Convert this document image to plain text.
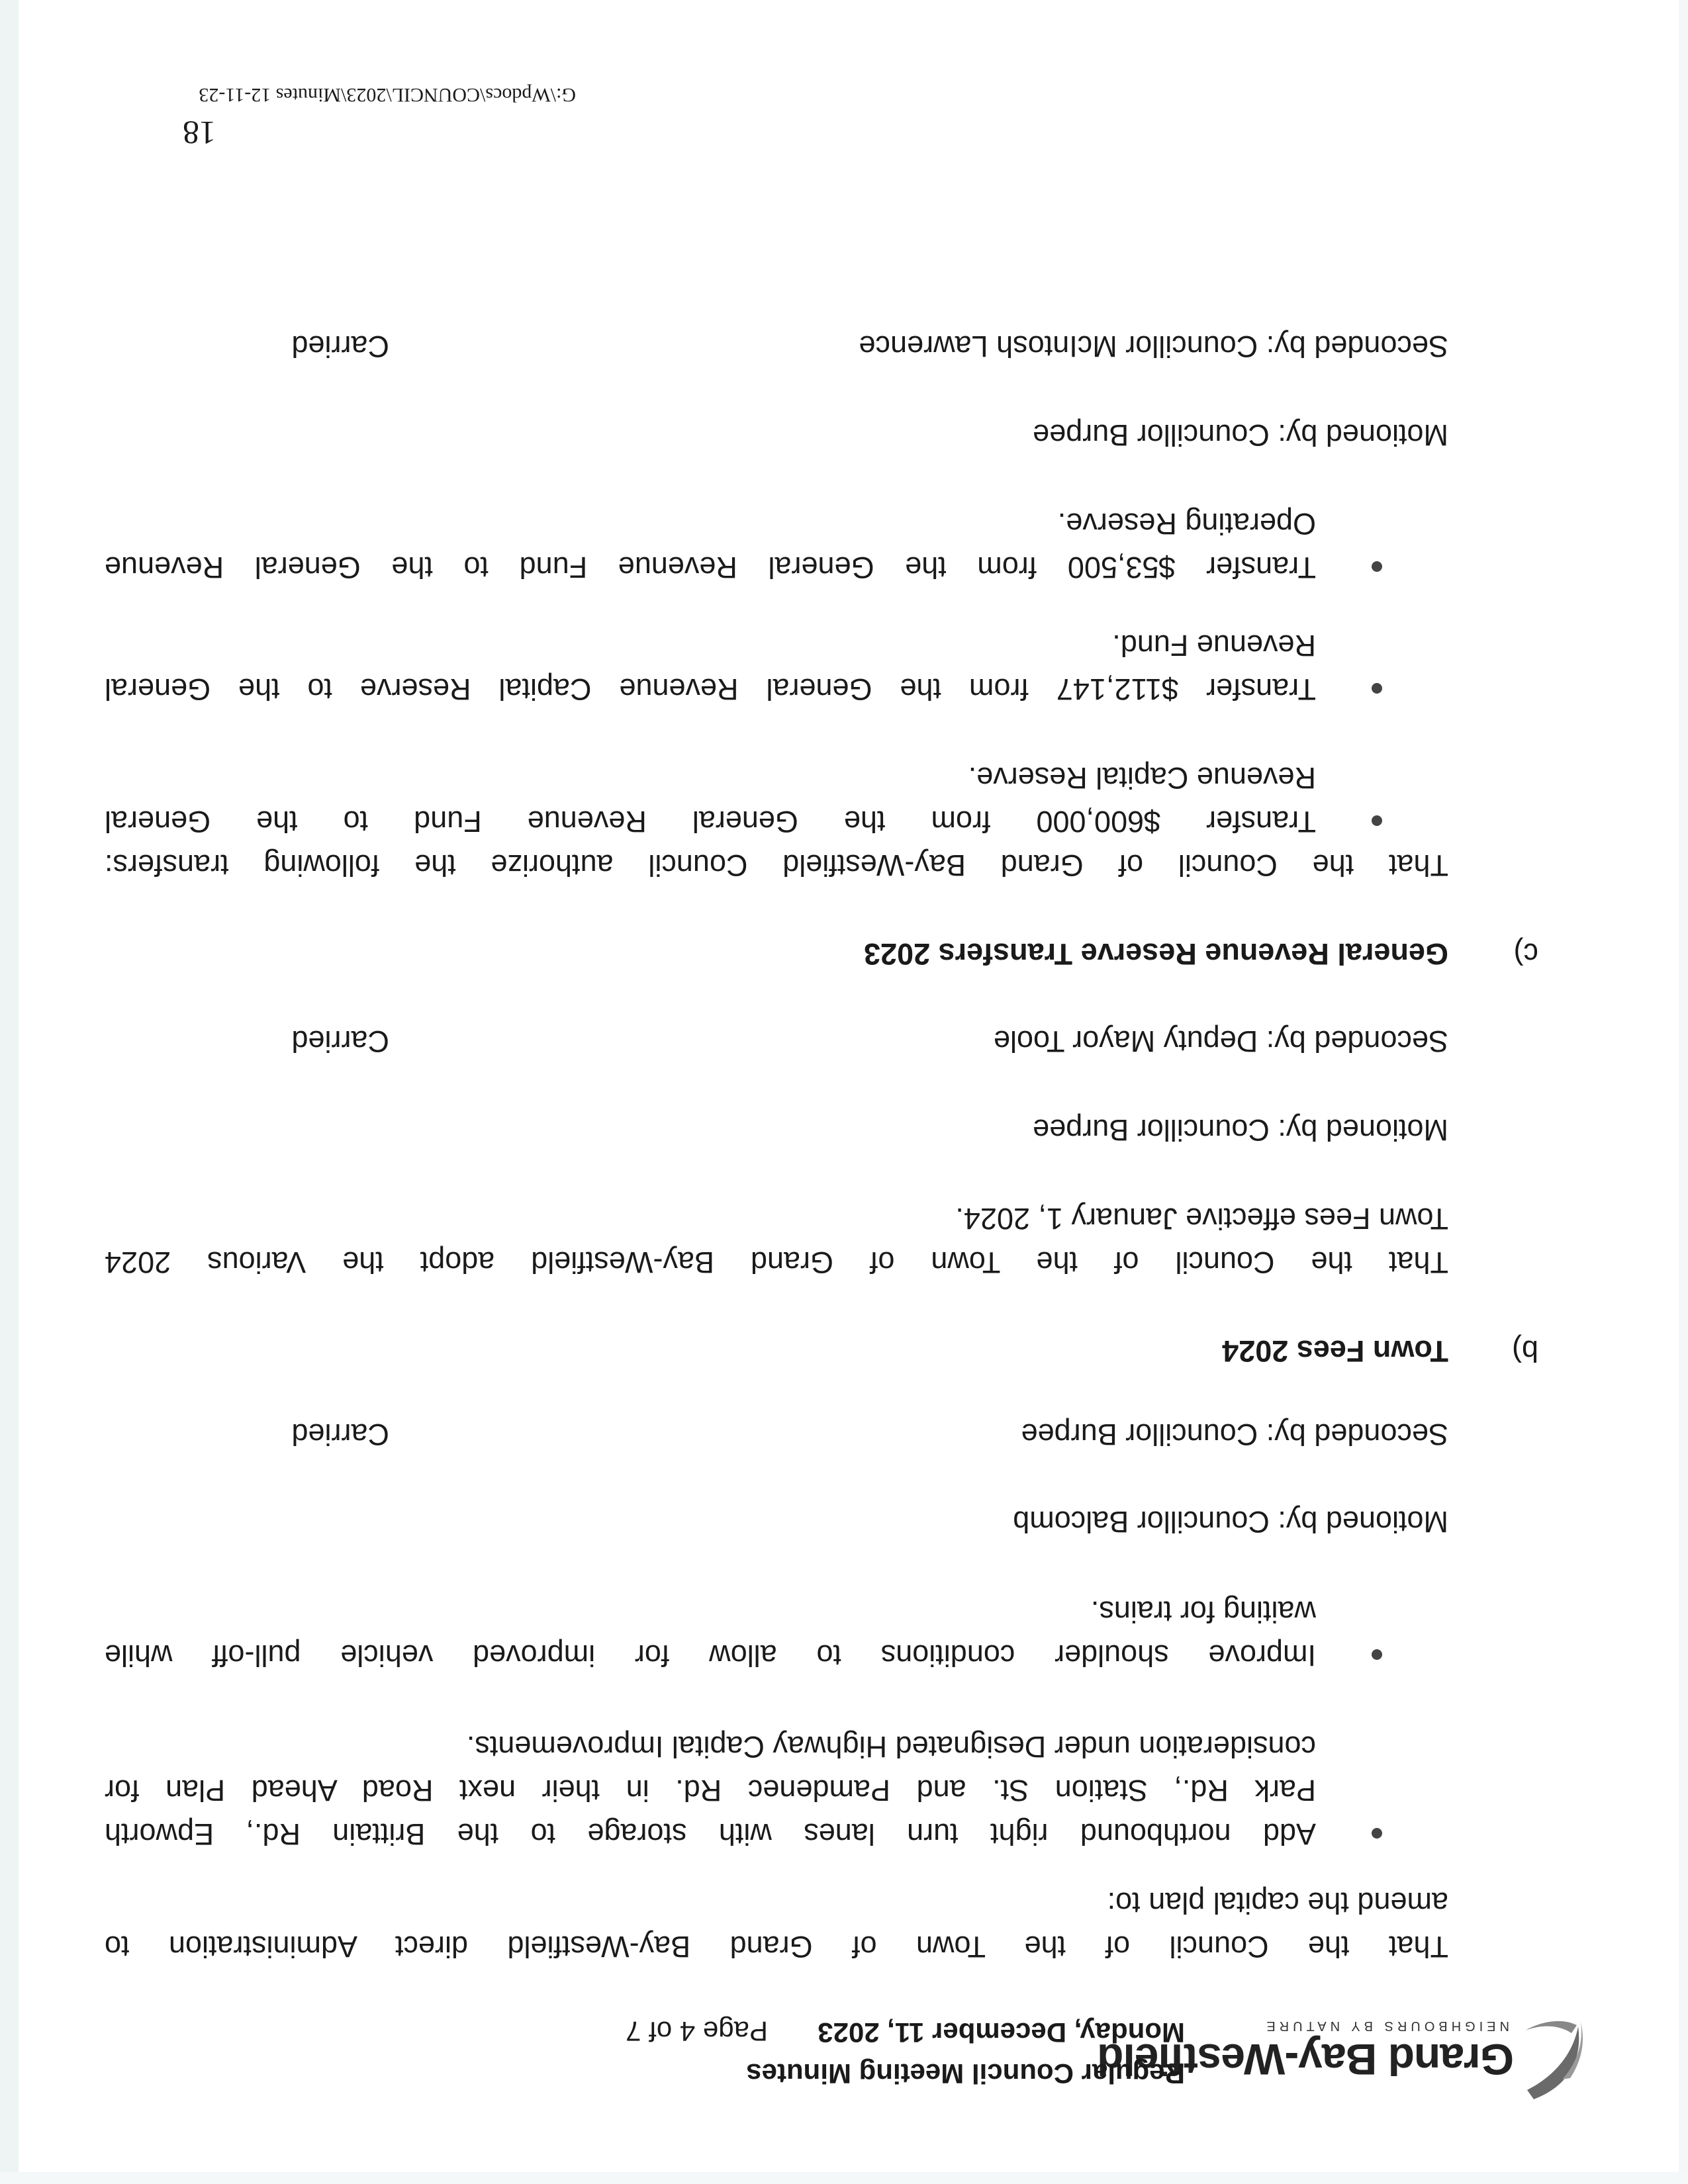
Grand Bay-Westfield
NEIGHBOURS BY NATURE
Regular Council Meeting Minutes
Monday, December 11, 2023
Page 4 of 7
That the Council of the Town of Grand Bay-Westfield direct Administration to
amend the capital plan to:
Add northbound right turn lanes with storage to the Brittain Rd., Epworth
Park Rd., Station St. and Pamdenec Rd. in their next Road Ahead Plan for
consideration under Designated Highway Capital Improvements.
Improve shoulder conditions to allow for improved vehicle pull-off while
waiting for trains.
Motioned by: Councillor Balcomb
Seconded by: Councillor Burpee
Carried
b)
Town Fees 2024
That the Council of the Town of Grand Bay-Westfield adopt the Various 2024
Town Fees effective January 1, 2024.
Motioned by: Councillor Burpee
Seconded by: Deputy Mayor Toole
Carried
c)
General Revenue Reserve Transfers 2023
That the Council of Grand Bay-Westfield Council authorize the following transfers:
Transfer $600,000 from the General Revenue Fund to the General
Revenue Capital Reserve.
Transfer $112,147 from the General Revenue Capital Reserve to the General
Revenue Fund.
Transfer $53,500 from the General Revenue Fund to the General Revenue
Operating Reserve.
Motioned by: Councillor Burpee
Seconded by: Councillor McIntosh Lawrence
Carried
18
G:\Wpdocs\COUNCIL\2023\Minutes 12-11-23
